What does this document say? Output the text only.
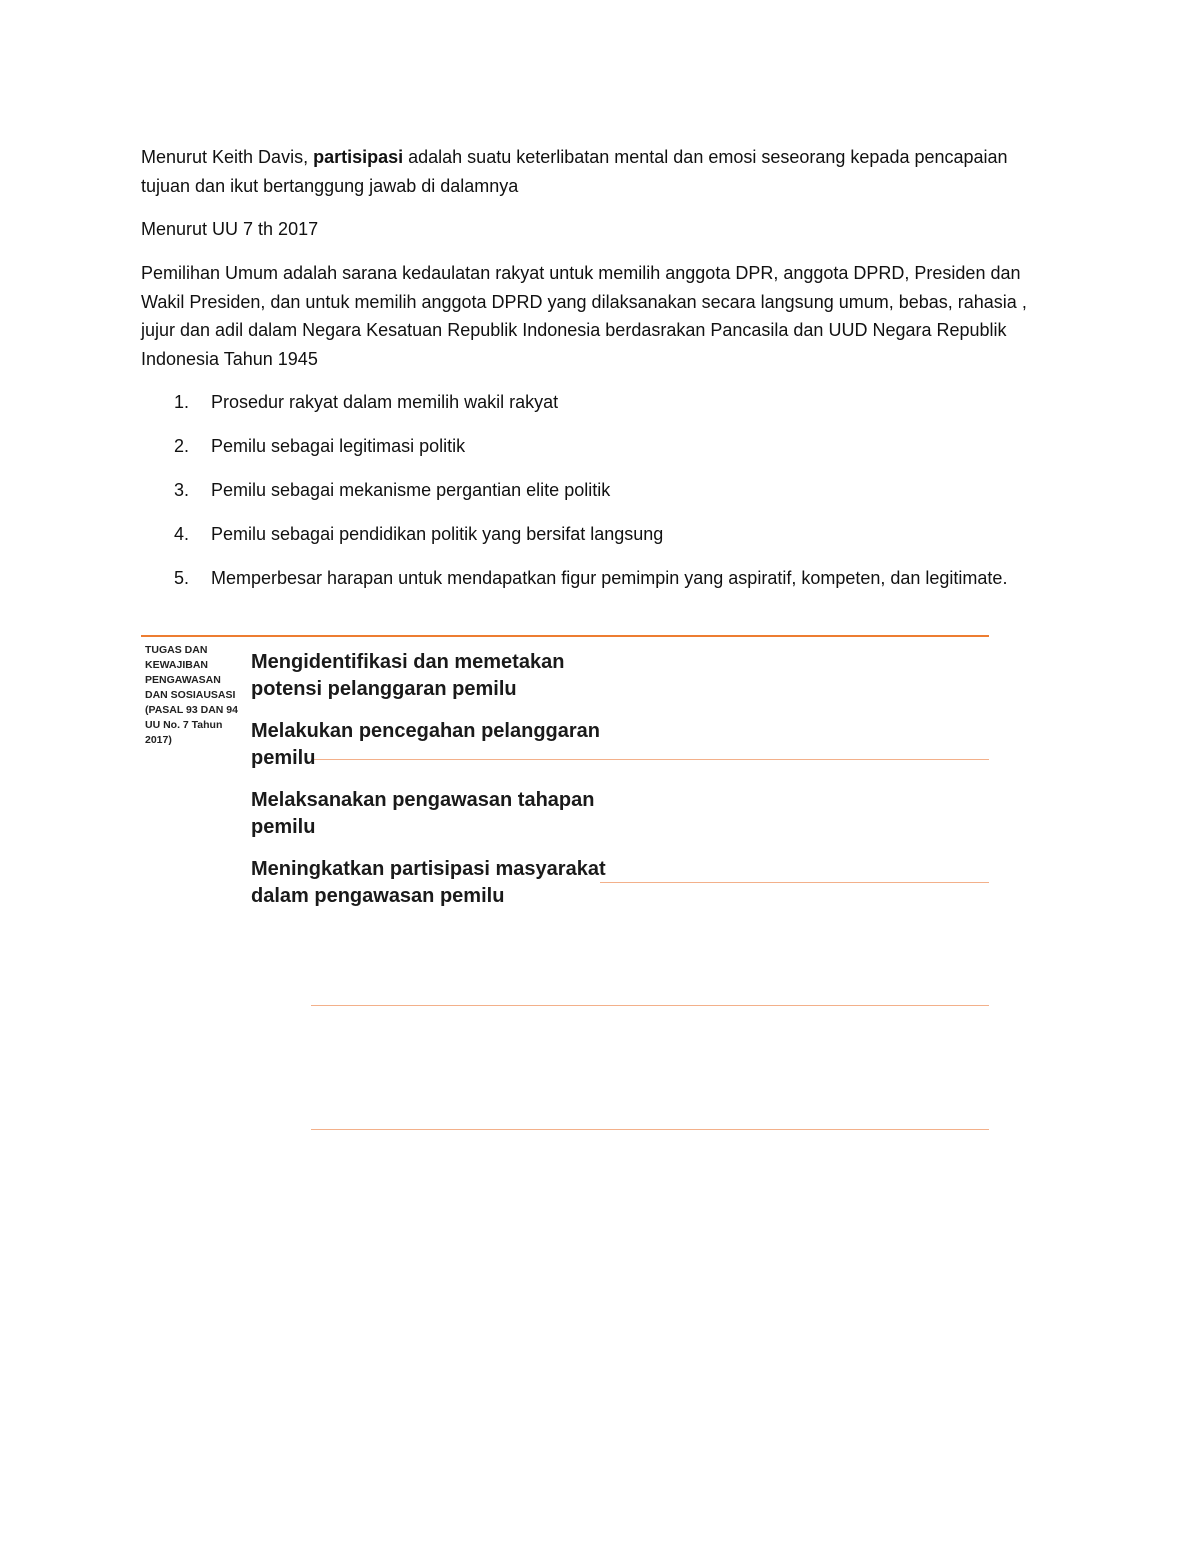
Menurut Keith Davis, partisipasi adalah suatu keterlibatan mental dan emosi seseorang kepada pencapaian tujuan dan ikut bertanggung jawab di dalamnya

Menurut UU 7 th 2017

Pemilihan Umum adalah sarana kedaulatan rakyat untuk memilih anggota DPR, anggota DPRD, Presiden dan Wakil Presiden, dan untuk memilih anggota DPRD yang dilaksanakan secara langsung umum, bebas, rahasia , jujur dan adil dalam Negara Kesatuan Republik Indonesia berdasrakan Pancasila dan UUD Negara Republik Indonesia Tahun 1945

1. Prosedur rakyat dalam memilih wakil rakyat
2. Pemilu sebagai legitimasi politik
3. Pemilu sebagai mekanisme pergantian elite politik
4. Pemilu sebagai pendidikan politik yang bersifat langsung
5. Memperbesar harapan untuk mendapatkan figur pemimpin yang aspiratif, kompeten, dan legitimate.
TUGAS DAN KEWAJIBAN PENGAWASAN DAN SOSIAUSASI (PASAL 93 DAN 94 UU No. 7 Tahun 2017)
Mengidentifikasi dan memetakan potensi pelanggaran pemilu
Melakukan pencegahan pelanggaran pemilu
Melaksanakan pengawasan tahapan pemilu
Meningkatkan partisipasi masyarakat dalam pengawasan pemilu
